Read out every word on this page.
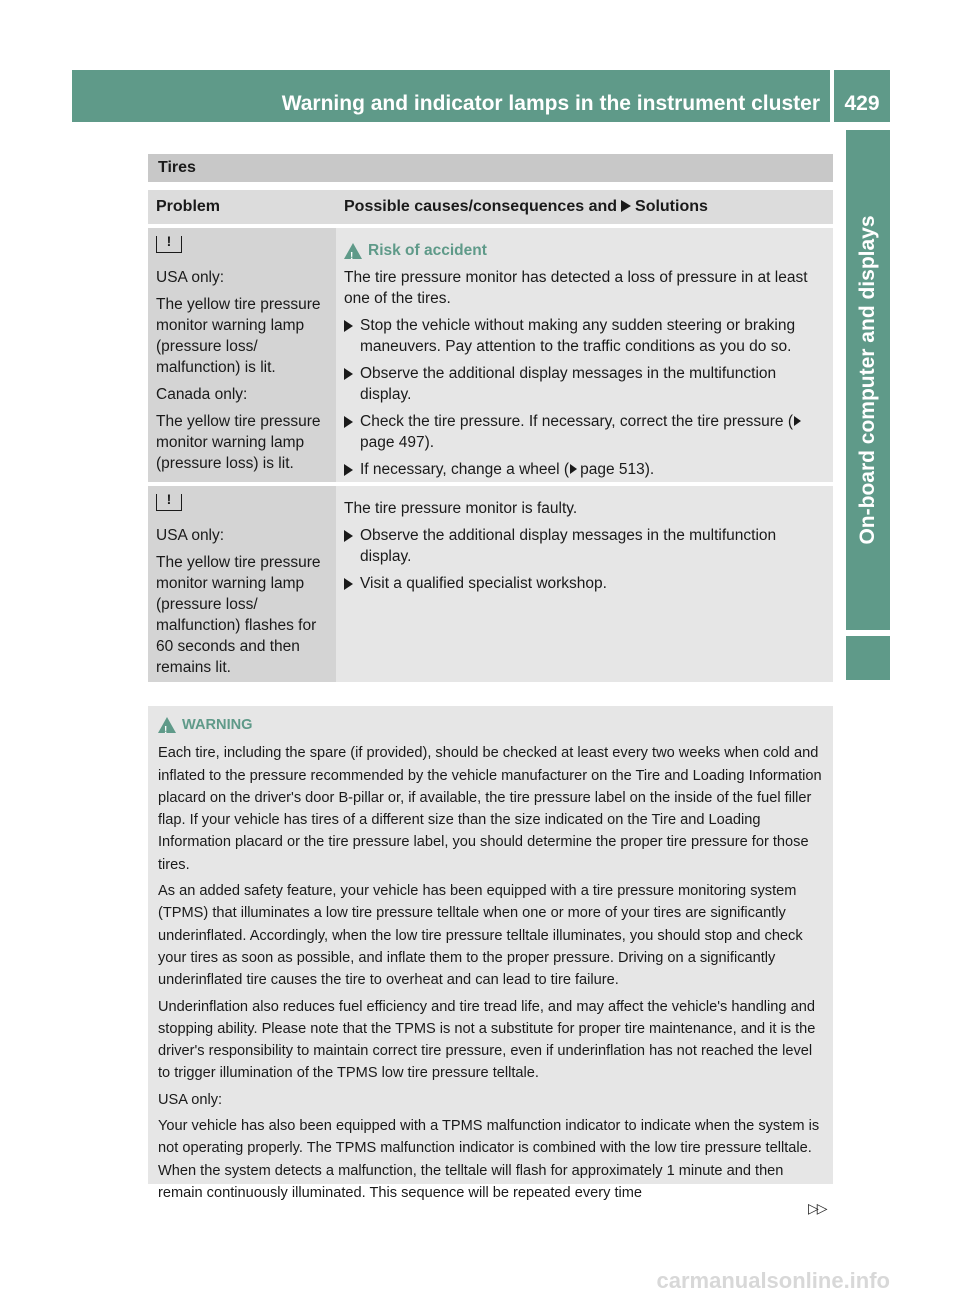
Warning and indicator lamps in the instrument cluster	429
On-board computer and displays
Tires
Problem	Possible causes/consequences and Solutions
!

USA only:

The yellow tire pressure monitor warning lamp (pressure loss/ malfunction) is lit.

Canada only:

The yellow tire pressure monitor warning lamp (pressure loss) is lit.

! Risk of accident

The tire pressure monitor has detected a loss of pressure in at least one of the tires.

Stop the vehicle without making any sudden steering or braking maneuvers. Pay attention to the traffic conditions as you do so.
Observe the additional display messages in the multifunction display.
Check the tire pressure. If necessary, correct the tire pressure (page 497).
If necessary, change a wheel ( page 513).
!

USA only:

The yellow tire pressure monitor warning lamp (pressure loss/ malfunction) flashes for 60 seconds and then remains lit.

The tire pressure monitor is faulty.

Observe the additional display messages in the multifunction display.
Visit a qualified specialist workshop.
! WARNING

Each tire, including the spare (if provided), should be checked at least every two weeks when cold and inflated to the pressure recommended by the vehicle manufacturer on the Tire and Loading Information placard on the driver's door B-pillar or, if available, the tire pressure label on the inside of the fuel filler flap. If your vehicle has tires of a different size than the size indicated on the Tire and Loading Information placard or the tire pressure label, you should determine the proper tire pressure for those tires.

As an added safety feature, your vehicle has been equipped with a tire pressure monitoring system (TPMS) that illuminates a low tire pressure telltale when one or more of your tires are significantly underinflated. Accordingly, when the low tire pressure telltale illuminates, you should stop and check your tires as soon as possible, and inflate them to the proper pressure. Driving on a significantly underinflated tire causes the tire to overheat and can lead to tire failure.

Underinflation also reduces fuel efficiency and tire tread life, and may affect the vehicle's handling and stopping ability. Please note that the TPMS is not a substitute for proper tire maintenance, and it is the driver's responsibility to maintain correct tire pressure, even if underinflation has not reached the level to trigger illumination of the TPMS low tire pressure telltale.

USA only:

Your vehicle has also been equipped with a TPMS malfunction indicator to indicate when the system is not operating properly. The TPMS malfunction indicator is combined with the low tire pressure telltale. When the system detects a malfunction, the telltale will flash for approximately 1 minute and then remain continuously illuminated. This sequence will be repeated every time

▷▷
carmanualsonline.info
